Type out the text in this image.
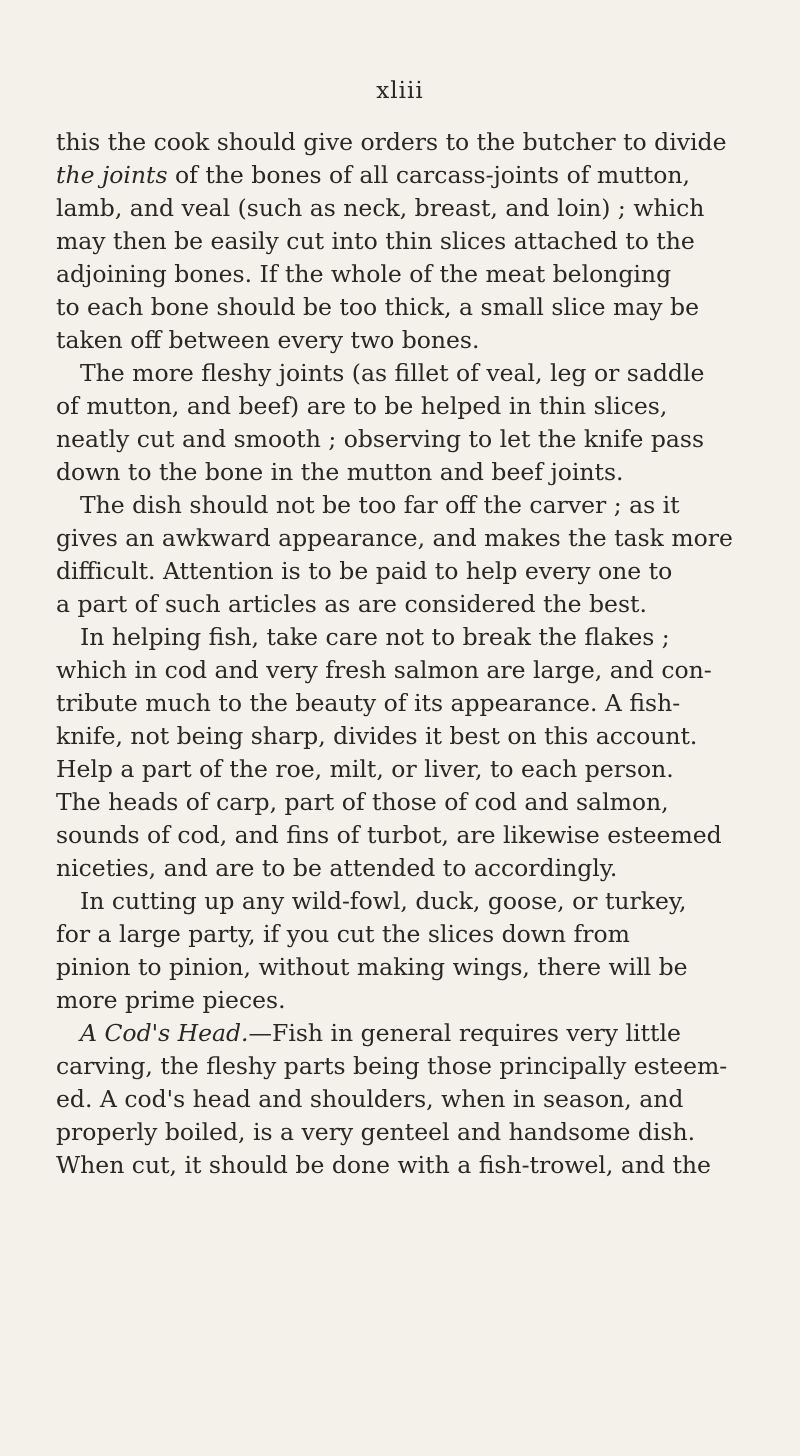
xliii
this the cook should give orders to the butcher to divide
the joints of the bones of all carcass-joints of mutton,
lamb, and veal (such as neck, breast, and loin) ; which
may then be easily cut into thin slices attached to the
adjoining bones. If the whole of the meat belonging
to each bone should be too thick, a small slice may be
taken off between every two bones.
The more fleshy joints (as fillet of veal, leg or saddle
of mutton, and beef) are to be helped in thin slices,
neatly cut and smooth ; observing to let the knife pass
down to the bone in the mutton and beef joints.
The dish should not be too far off the carver ; as it
gives an awkward appearance, and makes the task more
difficult. Attention is to be paid to help every one to
a part of such articles as are considered the best.
In helping fish, take care not to break the flakes ;
which in cod and very fresh salmon are large, and con-
tribute much to the beauty of its appearance. A fish-
knife, not being sharp, divides it best on this account.
Help a part of the roe, milt, or liver, to each person.
The heads of carp, part of those of cod and salmon,
sounds of cod, and fins of turbot, are likewise esteemed
niceties, and are to be attended to accordingly.
In cutting up any wild-fowl, duck, goose, or turkey,
for a large party, if you cut the slices down from
pinion to pinion, without making wings, there will be
more prime pieces.
A Cod's Head.—Fish in general requires very little
carving, the fleshy parts being those principally esteem-
ed. A cod's head and shoulders, when in season, and
properly boiled, is a very genteel and handsome dish.
When cut, it should be done with a fish-trowel, and the
